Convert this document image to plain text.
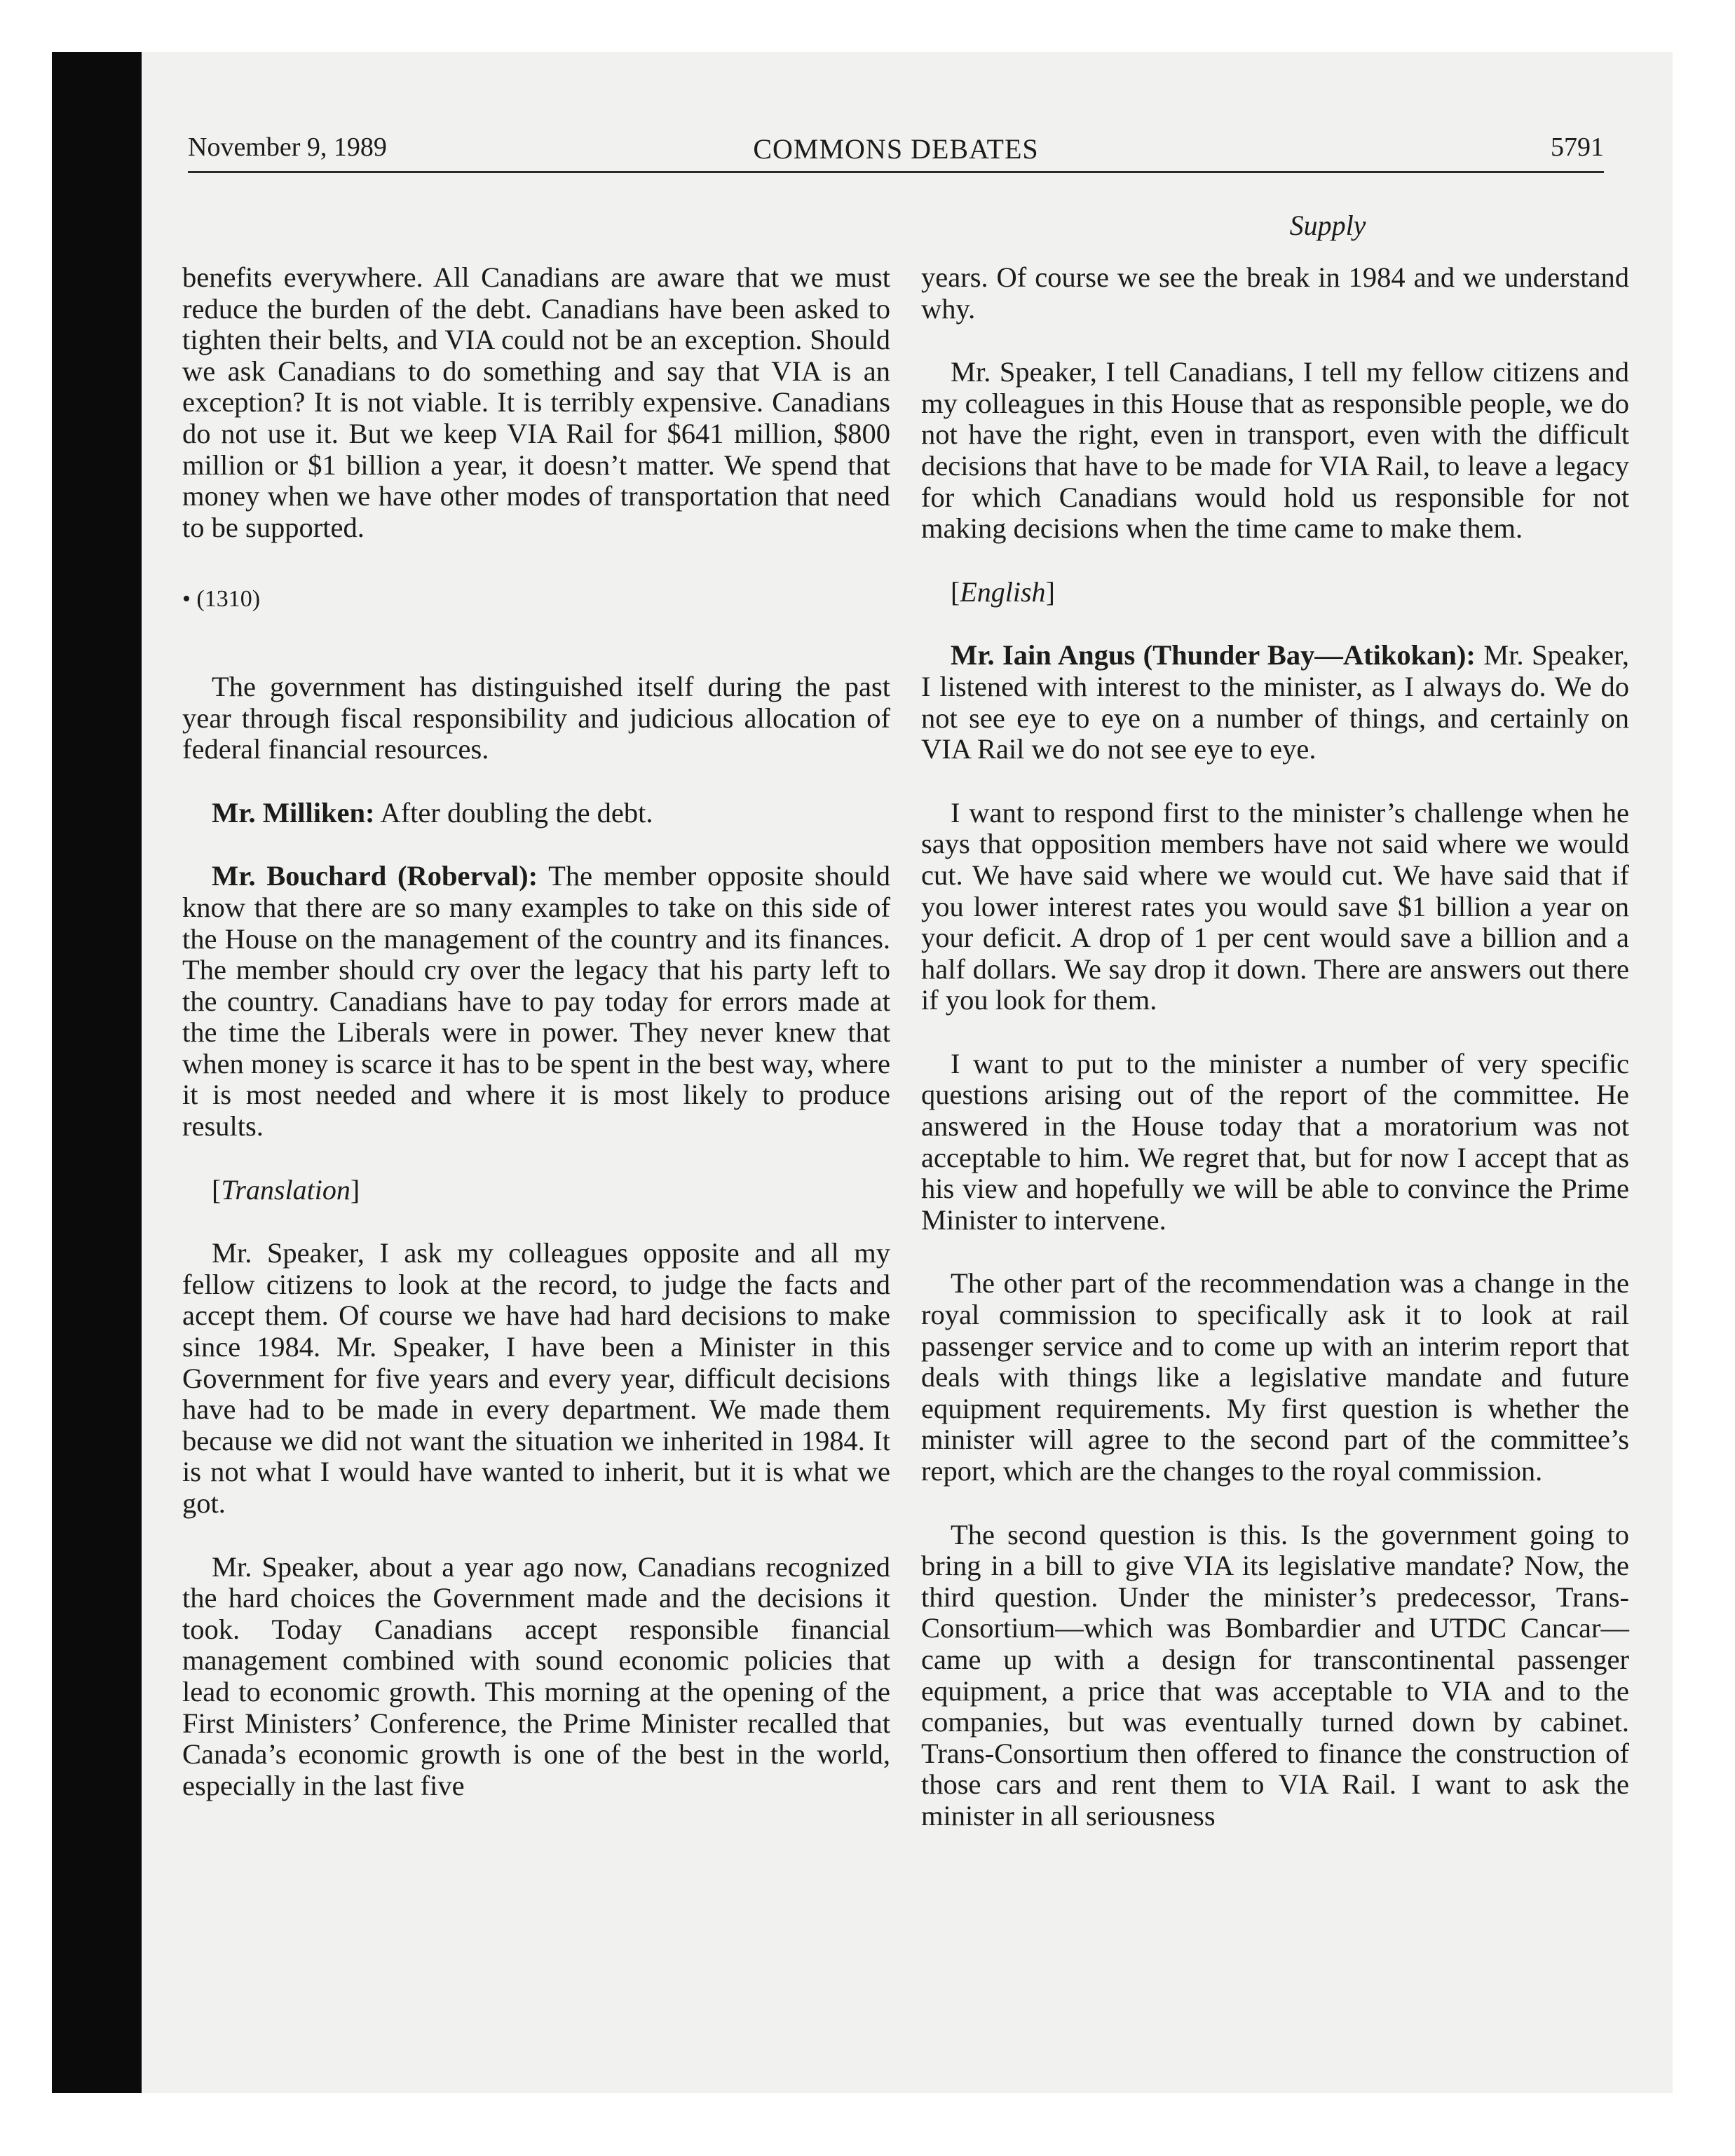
November 9, 1989	COMMONS DEBATES	5791
Supply

benefits everywhere. All Canadians are aware that we must reduce the burden of the debt. Canadians have been asked to tighten their belts, and VIA could not be an exception. Should we ask Canadians to do something and say that VIA is an exception? It is not viable. It is terribly expensive. Canadians do not use it. But we keep VIA Rail for $641 million, $800 million or $1 billion a year, it doesn’t matter. We spend that money when we have other modes of transportation that need to be supported.

• (1310)

The government has distinguished itself during the past year through fiscal responsibility and judicious allocation of federal financial resources.

Mr. Milliken: After doubling the debt.

Mr. Bouchard (Roberval): The member opposite should know that there are so many examples to take on this side of the House on the management of the country and its finances. The member should cry over the legacy that his party left to the country. Canadians have to pay today for errors made at the time the Liberals were in power. They never knew that when money is scarce it has to be spent in the best way, where it is most needed and where it is most likely to produce results.

[Translation]

Mr. Speaker, I ask my colleagues opposite and all my fellow citizens to look at the record, to judge the facts and accept them. Of course we have had hard decisions to make since 1984. Mr. Speaker, I have been a Minister in this Government for five years and every year, difficult decisions have had to be made in every department. We made them because we did not want the situation we inherited in 1984. It is not what I would have wanted to inherit, but it is what we got.

Mr. Speaker, about a year ago now, Canadians recognized the hard choices the Government made and the decisions it took. Today Canadians accept responsible financial management combined with sound economic policies that lead to economic growth. This morning at the opening of the First Ministers’ Conference, the Prime Minister recalled that Canada’s economic growth is one of the best in the world, especially in the last five

years. Of course we see the break in 1984 and we understand why.

Mr. Speaker, I tell Canadians, I tell my fellow citizens and my colleagues in this House that as responsible people, we do not have the right, even in transport, even with the difficult decisions that have to be made for VIA Rail, to leave a legacy for which Canadians would hold us responsible for not making decisions when the time came to make them.

[English]

Mr. Iain Angus (Thunder Bay—Atikokan): Mr. Speaker, I listened with interest to the minister, as I always do. We do not see eye to eye on a number of things, and certainly on VIA Rail we do not see eye to eye.

I want to respond first to the minister’s challenge when he says that opposition members have not said where we would cut. We have said where we would cut. We have said that if you lower interest rates you would save $1 billion a year on your deficit. A drop of 1 per cent would save a billion and a half dollars. We say drop it down. There are answers out there if you look for them.

I want to put to the minister a number of very specific questions arising out of the report of the committee. He answered in the House today that a moratorium was not acceptable to him. We regret that, but for now I accept that as his view and hopefully we will be able to convince the Prime Minister to intervene.

The other part of the recommendation was a change in the royal commission to specifically ask it to look at rail passenger service and to come up with an interim report that deals with things like a legislative mandate and future equipment requirements. My first question is whether the minister will agree to the second part of the committee’s report, which are the changes to the royal commission.

The second question is this. Is the government going to bring in a bill to give VIA its legislative mandate? Now, the third question. Under the minister’s predecessor, Trans-Consortium—which was Bombardier and UTDC Cancar—came up with a design for transcontinental passenger equipment, a price that was acceptable to VIA and to the companies, but was eventually turned down by cabinet. Trans-Consortium then offered to finance the construction of those cars and rent them to VIA Rail. I want to ask the minister in all seriousness
